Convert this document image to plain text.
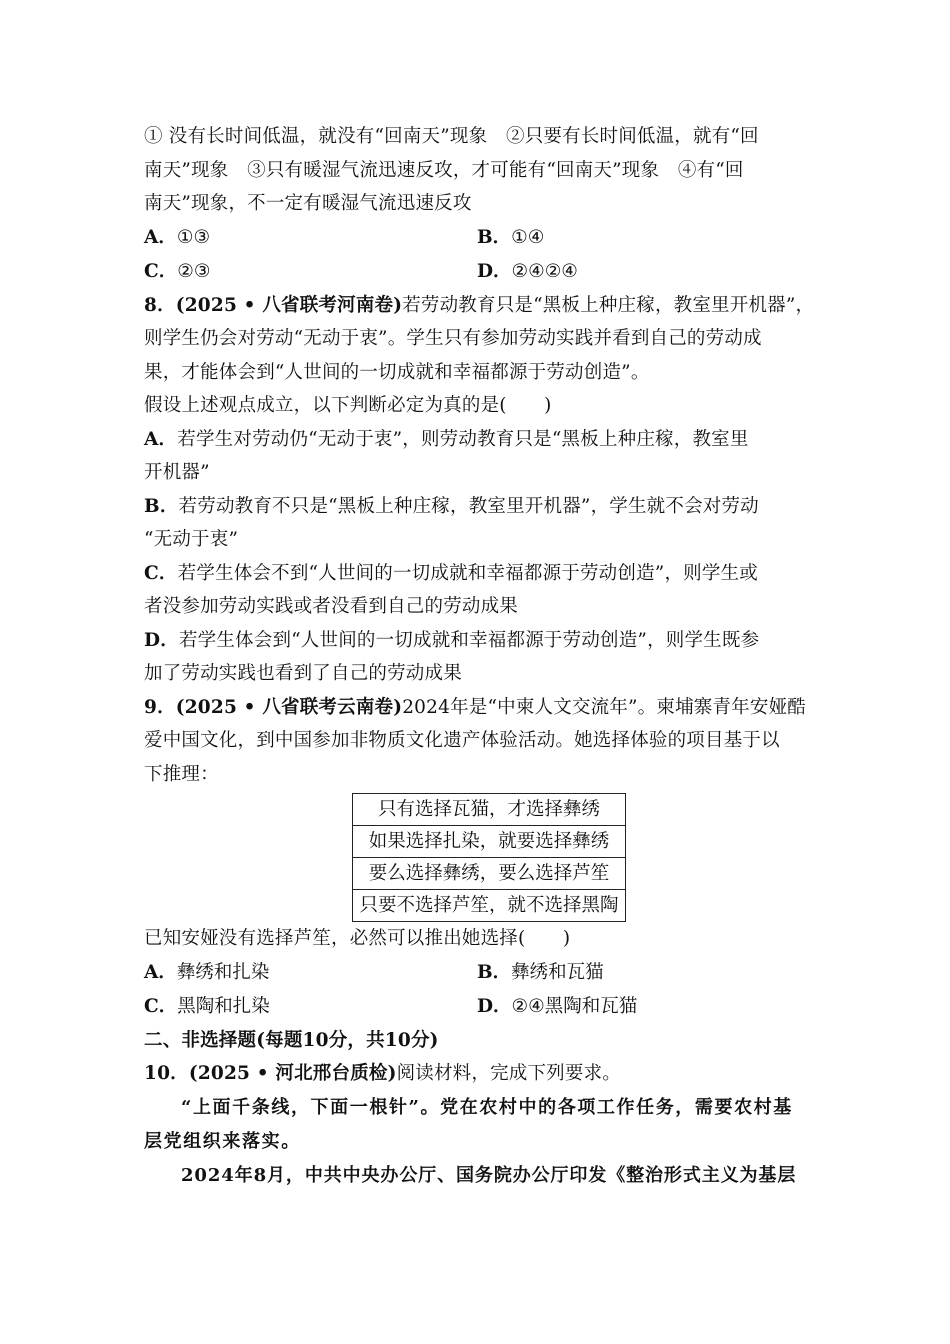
① 没有长时间低温，就没有“回南天”现象　②只要有长时间低温，就有“回
南天”现象　③只有暖湿气流迅速反攻，才可能有“回南天”现象　④有“回
南天”现象，不一定有暖湿气流迅速反攻
A．①③	B．①④
C．②③	D．②④②④
8．(2025 • 八省联考河南卷)若劳动教育只是“黑板上种庄稼，教室里开机器”，
则学生仍会对劳动“无动于衷”。学生只有参加劳动实践并看到自己的劳动成
果，才能体会到“人世间的一切成就和幸福都源于劳动创造”。
假设上述观点成立，以下判断必定为真的是(　　)
A．若学生对劳动仍“无动于衷”，则劳动教育只是“黑板上种庄稼，教室里
开机器”
B．若劳动教育不只是“黑板上种庄稼，教室里开机器”，学生就不会对劳动
“无动于衷”
C．若学生体会不到“人世间的一切成就和幸福都源于劳动创造”，则学生或
者没参加劳动实践或者没看到自己的劳动成果
D．若学生体会到“人世间的一切成就和幸福都源于劳动创造”，则学生既参
加了劳动实践也看到了自己的劳动成果
9．(2025 • 八省联考云南卷)2024年是“中柬人文交流年”。柬埔寨青年安娅酷
爱中国文化，到中国参加非物质文化遗产体验活动。她选择体验的项目基于以
下推理：
只有选择瓦猫，才选择彝绣
如果选择扎染，就要选择彝绣
要么选择彝绣，要么选择芦笙
只要不选择芦笙，就不选择黑陶
已知安娅没有选择芦笙，必然可以推出她选择(　　)
A．彝绣和扎染	B．彝绣和瓦猫
C．黑陶和扎染	D．②④黑陶和瓦猫
二、非选择题(每题10分，共10分)
10．(2025 • 河北邢台质检)阅读材料，完成下列要求。
“上面千条线，下面一根针”。党在农村中的各项工作任务，需要农村基
层党组织来落实。
2024年8月，中共中央办公厅、国务院办公厅印发《整治形式主义为基层
